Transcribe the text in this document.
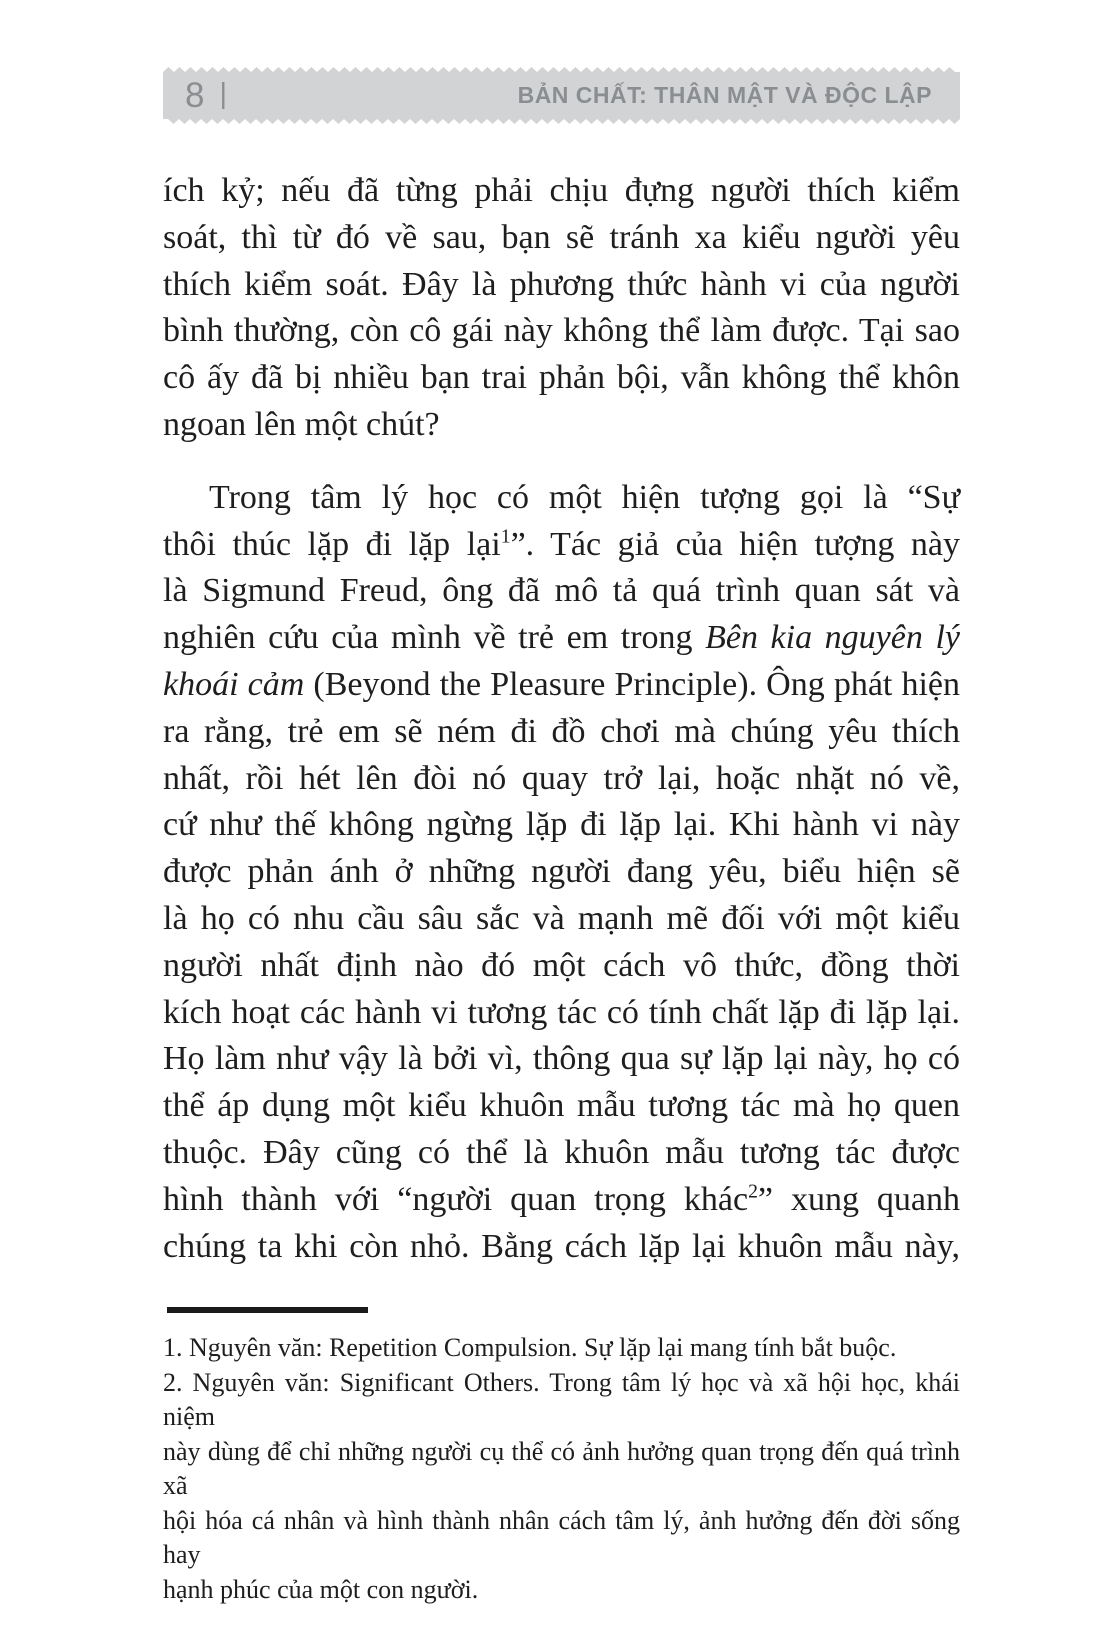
8 |	BẢN CHẤT: THÂN MẬT VÀ ĐỘC LẬP
ích kỷ; nếu đã từng phải chịu đựng người thích kiểm
soát, thì từ đó về sau, bạn sẽ tránh xa kiểu người yêu
thích kiểm soát. Đây là phương thức hành vi của người
bình thường, còn cô gái này không thể làm được. Tại sao
cô ấy đã bị nhiều bạn trai phản bội, vẫn không thể khôn
ngoan lên một chút?
Trong tâm lý học có một hiện tượng gọi là “Sự
thôi thúc lặp đi lặp lại$^1$”. Tác giả của hiện tượng này
là Sigmund Freud, ông đã mô tả quá trình quan sát và
nghiên cứu của mình về trẻ em trong Bên kia nguyên lý
khoái cảm (Beyond the Pleasure Principle). Ông phát hiện
ra rằng, trẻ em sẽ ném đi đồ chơi mà chúng yêu thích
nhất, rồi hét lên đòi nó quay trở lại, hoặc nhặt nó về,
cứ như thế không ngừng lặp đi lặp lại. Khi hành vi này
được phản ánh ở những người đang yêu, biểu hiện sẽ
là họ có nhu cầu sâu sắc và mạnh mẽ đối với một kiểu
người nhất định nào đó một cách vô thức, đồng thời
kích hoạt các hành vi tương tác có tính chất lặp đi lặp lại.
Họ làm như vậy là bởi vì, thông qua sự lặp lại này, họ có
thể áp dụng một kiểu khuôn mẫu tương tác mà họ quen
thuộc. Đây cũng có thể là khuôn mẫu tương tác được
hình thành với “người quan trọng khác$^2$” xung quanh
chúng ta khi còn nhỏ. Bằng cách lặp lại khuôn mẫu này,
1. Nguyên văn: Repetition Compulsion. Sự lặp lại mang tính bắt buộc.
2. Nguyên văn: Significant Others. Trong tâm lý học và xã hội học, khái niệm
này dùng để chỉ những người cụ thể có ảnh hưởng quan trọng đến quá trình xã
hội hóa cá nhân và hình thành nhân cách tâm lý, ảnh hưởng đến đời sống hay
hạnh phúc của một con người.
